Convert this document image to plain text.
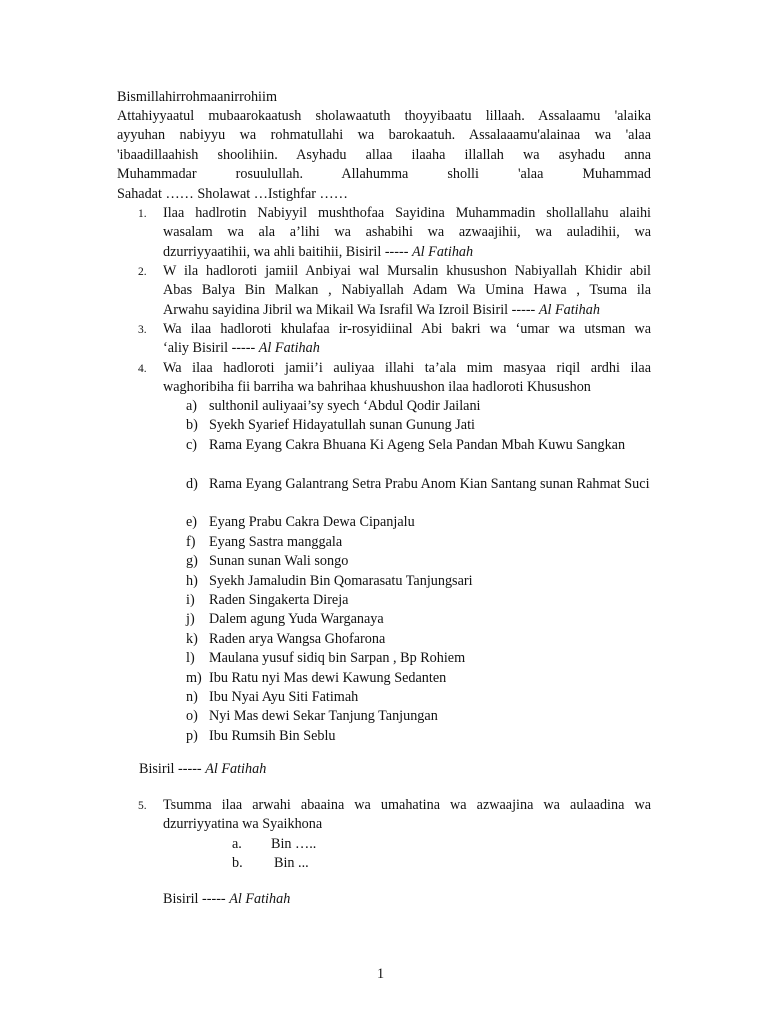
Bismillahirrohmaanirrohiim
Attahiyyaatul mubaarokaatush sholawaatuth thoyyibaatu lillaah. Assalaamu 'alaika
ayyuhan nabiyyu wa rohmatullahi wa barokaatuh. Assalaaamu'alainaa wa 'alaa
'ibaadillaahish shoolihiin. Asyhadu allaa ilaaha illallah wa asyhadu anna
Muhammadar rosuulullah. Allahumma sholli 'alaa Muhammad
Sahadat …… Sholawat …Istighfar ……
1. Ilaa hadlrotin Nabiyyil mushthofaa Sayidina Muhammadin shollallahu alaihi
wasalam wa ala a’lihi wa ashabihi wa azwaajihii, wa auladihii, wa
dzurriyyaatihii, wa ahli baitihii, Bisiril ----- Al Fatihah
2. W ila hadloroti jamiil Anbiyai wal Mursalin khusushon Nabiyallah Khidir abil
Abas Balya Bin Malkan , Nabiyallah Adam Wa Umina Hawa , Tsuma ila
Arwahu sayidina Jibril wa Mikail Wa Israfil Wa Izroil Bisiril ----- Al Fatihah
3. Wa ilaa hadloroti khulafaa ir-rosyidiinal Abi bakri wa ‘umar wa utsman wa
‘aliy Bisiril ----- Al Fatihah
4. Wa ilaa hadloroti jamii’i auliyaa illahi ta’ala mim masyaa riqil ardhi ilaa
waghoribiha fii barriha wa bahrihaa khushuushon ilaa hadloroti Khusushon
a) sulthonil auliyaai’sy syech ‘Abdul Qodir Jailani
b) Syekh Syarief Hidayatullah sunan Gunung Jati
c) Rama Eyang Cakra Bhuana Ki Ageng Sela Pandan Mbah Kuwu Sangkan
d) Rama Eyang Galantrang Setra Prabu Anom Kian Santang sunan Rahmat Suci
e) Eyang Prabu Cakra Dewa Cipanjalu
f) Eyang Sastra manggala
g) Sunan sunan Wali songo
h) Syekh Jamaludin Bin Qomarasatu Tanjungsari
i) Raden Singakerta Direja
j) Dalem agung Yuda Warganaya
k) Raden arya Wangsa Ghofarona
l) Maulana yusuf sidiq bin Sarpan , Bp Rohiem
m) Ibu Ratu nyi Mas dewi Kawung Sedanten
n) Ibu Nyai Ayu Siti Fatimah
o) Nyi Mas dewi Sekar Tanjung Tanjungan
p) Ibu Rumsih Bin Seblu
Bisiril ----- Al Fatihah
5. Tsumma ilaa arwahi abaaina wa umahatina wa azwaajina wa aulaadina wa
dzurriyyatina wa Syaikhona
a. Bin …..
b. Bin ...
Bisiril ----- Al Fatihah
1
